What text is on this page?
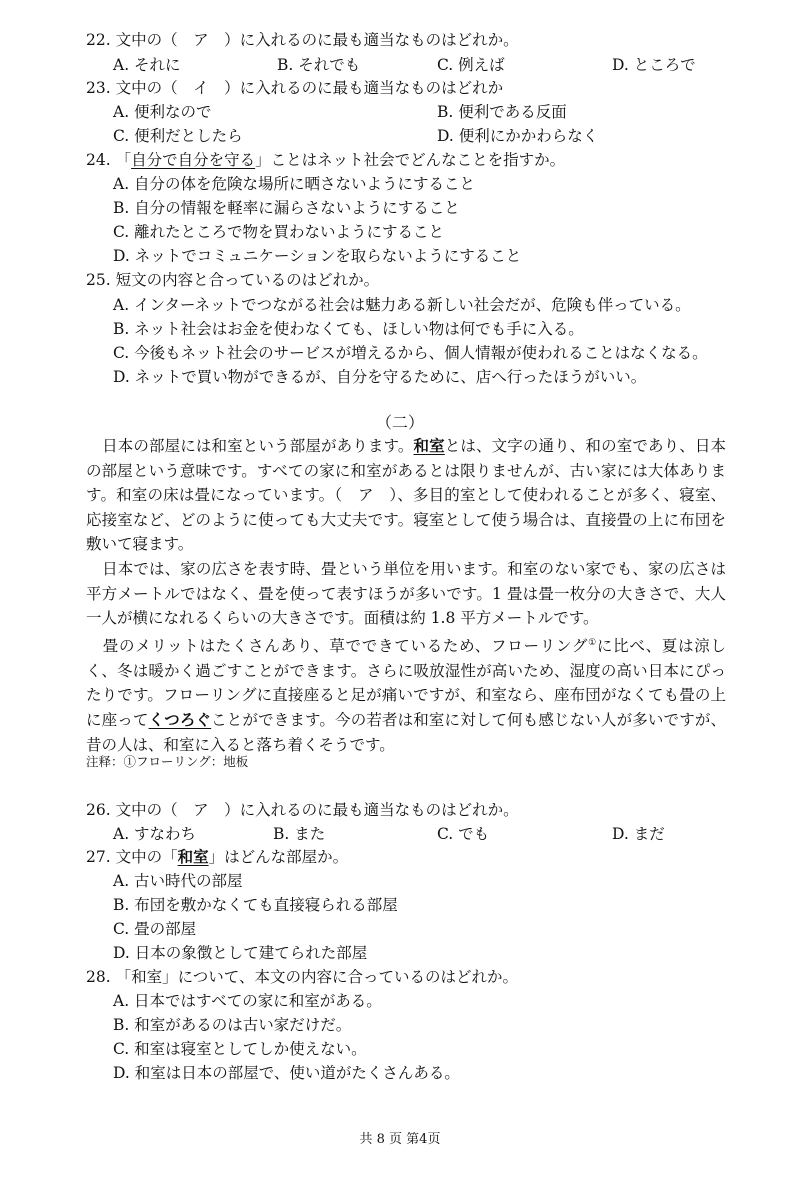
22. 文中の（　ア　）に入れるのに最も適当なものはどれか。
A. それに	B. それでも	C. 例えば	D. ところで
23. 文中の（　イ　）に入れるのに最も適当なものはどれか
A. 便利なので	B. 便利である反面
C. 便利だとしたら	D. 便利にかかわらなく
24. 「自分で自分を守る」ことはネット社会でどんなことを指すか。
A. 自分の体を危険な場所に晒さないようにすること
B. 自分の情報を軽率に漏らさないようにすること
C. 離れたところで物を買わないようにすること
D. ネットでコミュニケーションを取らないようにすること
25. 短文の内容と合っているのはどれか。
A. インターネットでつながる社会は魅力ある新しい社会だが、危険も伴っている。
B. ネット社会はお金を使わなくても、ほしい物は何でも手に入る。
C. 今後もネット社会のサービスが増えるから、個人情報が使われることはなくなる。
D. ネットで買い物ができるが、自分を守るために、店へ行ったほうがいい。
（二）
日本の部屋には和室という部屋があります。和室とは、文字の通り、和の室であり、日本の部屋という意味です。すべての家に和室があるとは限りませんが、古い家には大体あります。和室の床は畳になっています。（　ア　）、多目的室として使われることが多く、寝室、応接室など、どのように使っても大丈夫です。寝室として使う場合は、直接畳の上に布団を敷いて寝ます。
日本では、家の広さを表す時、畳という単位を用います。和室のない家でも、家の広さは平方メートルではなく、畳を使って表すほうが多いです。1 畳は畳一枚分の大きさで、大人一人が横になれるくらいの大きさです。面積は約 1.8 平方メートルです。
畳のメリットはたくさんあり、草でできているため、フローリング①に比べ、夏は涼しく、冬は暖かく過ごすことができます。さらに吸放湿性が高いため、湿度の高い日本にぴったりです。フローリングに直接座ると足が痛いですが、和室なら、座布団がなくても畳の上に座ってくつろぐことができます。今の若者は和室に対して何も感じない人が多いですが、昔の人は、和室に入ると落ち着くそうです。
注释：①フローリング：地板
26. 文中の（　ア　）に入れるのに最も適当なものはどれか。
A. すなわち	B. また	C. でも	D. まだ
27. 文中の「和室」はどんな部屋か。
A. 古い時代の部屋
B. 布団を敷かなくても直接寝られる部屋
C. 畳の部屋
D. 日本の象徴として建てられた部屋
28. 「和室」について、本文の内容に合っているのはどれか。
A. 日本ではすべての家に和室がある。
B. 和室があるのは古い家だけだ。
C. 和室は寝室としてしか使えない。
D. 和室は日本の部屋で、使い道がたくさんある。
共 8 页 第4页
